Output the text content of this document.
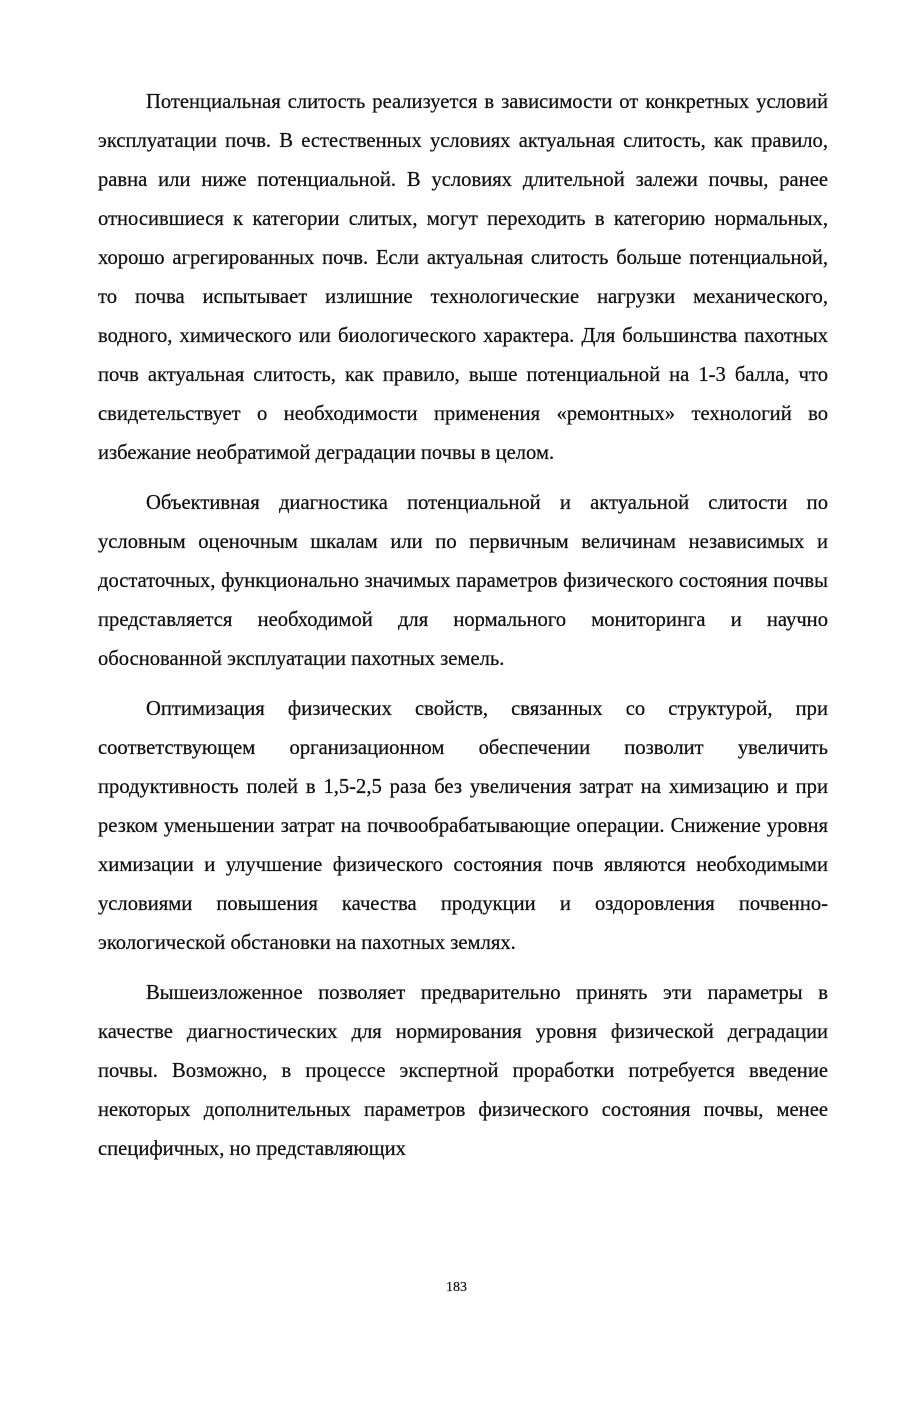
Потенциальная слитость реализуется в зависимости от конкретных условий эксплуатации почв. В естественных условиях актуальная слитость, как правило, равна или ниже потенциальной. В условиях длительной залежи почвы, ранее относившиеся к категории слитых, могут переходить в категорию нормальных, хорошо агрегированных почв. Если актуальная слитость больше потенциальной, то почва испытывает излишние технологические нагрузки механического, водного, химического или биологического характера. Для большинства пахотных почв актуальная слитость, как правило, выше потенциальной на 1-3 балла, что свидетельствует о необходимости применения «ремонтных» технологий во избежание необратимой деградации почвы в целом.

Объективная диагностика потенциальной и актуальной слитости по условным оценочным шкалам или по первичным величинам независимых и достаточных, функционально значимых параметров физического состояния почвы представляется необходимой для нормального мониторинга и научно обоснованной эксплуатации пахотных земель.

Оптимизация физических свойств, связанных со структурой, при соответствующем организационном обеспечении позволит увеличить продуктивность полей в 1,5-2,5 раза без увеличения затрат на химизацию и при резком уменьшении затрат на почвообрабатывающие операции. Снижение уровня химизации и улучшение физического состояния почв являются необходимыми условиями повышения качества продукции и оздоровления почвенно-экологической обстановки на пахотных землях.

Вышеизложенное позволяет предварительно принять эти параметры в качестве диагностических для нормирования уровня физической деградации почвы. Возможно, в процессе экспертной проработки потребуется введение некоторых дополнительных параметров физического состояния почвы, менее специфичных, но представляющих

183
